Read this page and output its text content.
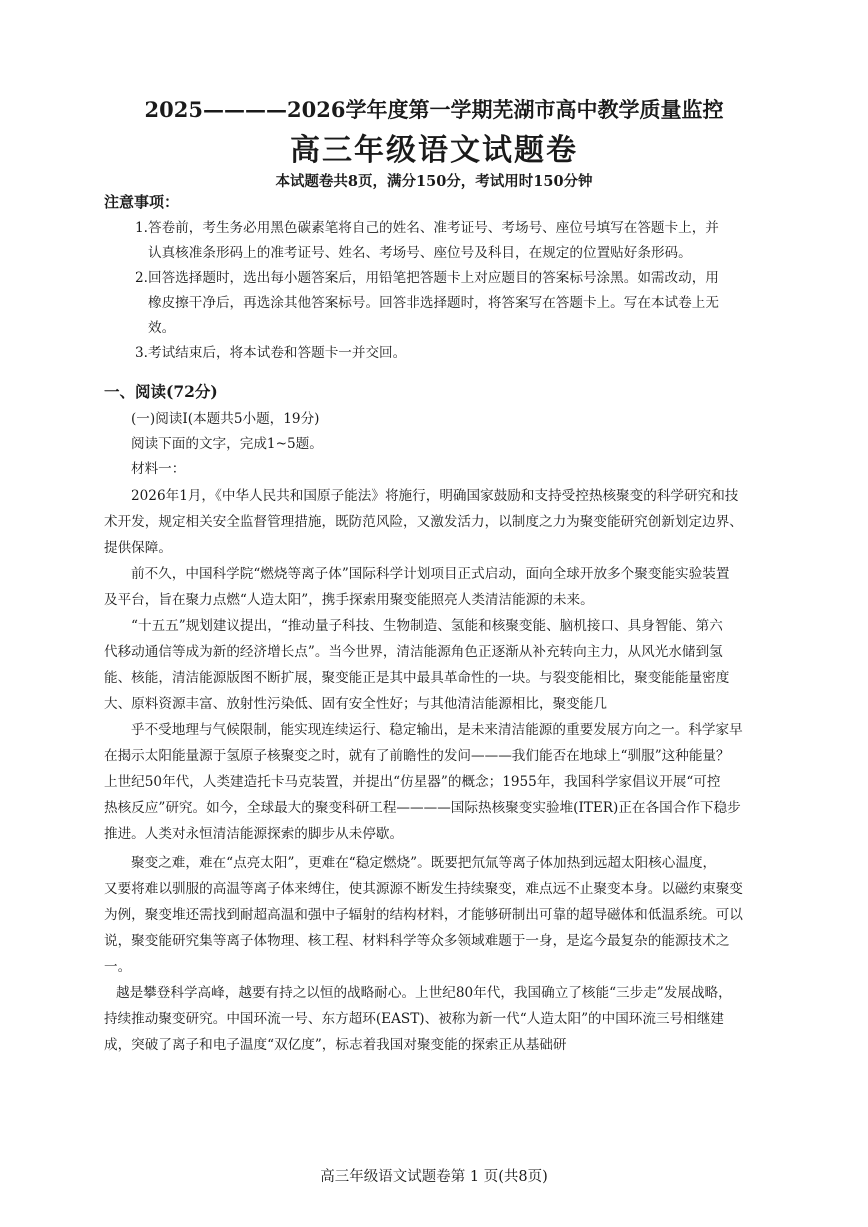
2025————2026学年度第一学期芜湖市高中教学质量监控
高三年级语文试题卷
本试题卷共8页，满分150分，考试用时150分钟
注意事项：
1.答卷前，考生务必用黑色碳素笔将自己的姓名、准考证号、考场号、座位号填写在答题卡上，并
认真核准条形码上的准考证号、姓名、考场号、座位号及科目，在规定的位置贴好条形码。
2.回答选择题时，选出每小题答案后，用铅笔把答题卡上对应题目的答案标号涂黑。如需改动，用
橡皮擦干净后，再选涂其他答案标号。回答非选择题时，将答案写在答题卡上。写在本试卷上无
效。
3.考试结束后，将本试卷和答题卡一并交回。
一、阅读(72分)
(一)阅读Ⅰ(本题共5小题，19分)
阅读下面的文字，完成1~5题。
材料一：
2026年1月，《中华人民共和国原子能法》将施行，明确国家鼓励和支持受控热核聚变的科学研究和技
术开发，规定相关安全监督管理措施，既防范风险，又激发活力，以制度之力为聚变能研究创新划定边界、
提供保障。
前不久，中国科学院“燃烧等离子体”国际科学计划项目正式启动，面向全球开放多个聚变能实验装置
及平台，旨在聚力点燃“人造太阳”，携手探索用聚变能照亮人类清洁能源的未来。
“十五五”规划建议提出，“推动量子科技、生物制造、氢能和核聚变能、脑机接口、具身智能、第六
代移动通信等成为新的经济增长点”。当今世界，清洁能源角色正逐渐从补充转向主力，从风光水储到氢
能、核能，清洁能源版图不断扩展，聚变能正是其中最具革命性的一块。与裂变能相比，聚变能能量密度
大、原料资源丰富、放射性污染低、固有安全性好；与其他清洁能源相比，聚变能几
乎不受地理与气候限制，能实现连续运行、稳定输出，是未来清洁能源的重要发展方向之一。科学家早
在揭示太阳能量源于氢原子核聚变之时，就有了前瞻性的发问———我们能否在地球上“驯服”这种能量？
上世纪50年代，人类建造托卡马克装置，并提出“仿星器”的概念；1955年，我国科学家倡议开展“可控
热核反应”研究。如今，全球最大的聚变科研工程————国际热核聚变实验堆(ITER)正在各国合作下稳步
推进。人类对永恒清洁能源探索的脚步从未停歇。
聚变之难，难在“点亮太阳”，更难在“稳定燃烧”。既要把氘氚等离子体加热到远超太阳核心温度，
又要将难以驯服的高温等离子体来缚住，使其源源不断发生持续聚变，难点远不止聚变本身。以磁约束聚变
为例，聚变堆还需找到耐超高温和强中子辐射的结构材料，才能够研制出可靠的超导磁体和低温系统。可以
说，聚变能研究集等离子体物理、核工程、材料科学等众多领域难题于一身，是迄今最复杂的能源技术之
一。
越是攀登科学高峰，越要有持之以恒的战略耐心。上世纪80年代，我国确立了核能“三步走”发展战略，
持续推动聚变研究。中国环流一号、东方超环(EAST)、被称为新一代“人造太阳”的中国环流三号相继建
成，突破了离子和电子温度“双亿度”，标志着我国对聚变能的探索正从基础研
高三年级语文试题卷第 1 页(共8页)
